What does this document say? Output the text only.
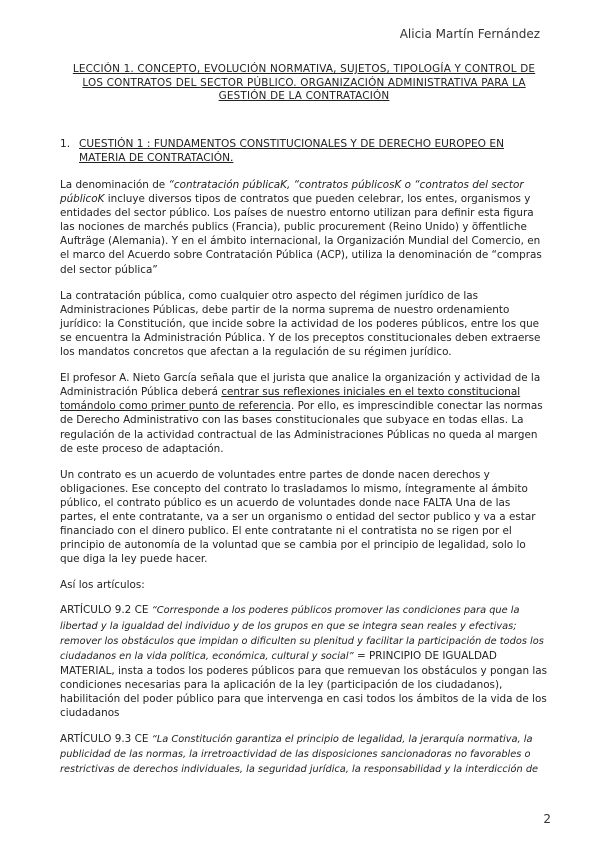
Alicia Martín Fernández
LECCIÓN 1. CONCEPTO, EVOLUCIÓN NORMATIVA, SUJETOS, TIPOLOGÍA Y CONTROL DE LOS CONTRATOS DEL SECTOR PÚBLICO. ORGANIZACIÓN ADMINISTRATIVA PARA LA GESTIÓN DE LA CONTRATACIÓN
1. CUESTIÓN 1 : FUNDAMENTOS CONSTITUCIONALES Y DE DERECHO EUROPEO EN MATERIA DE CONTRATACIÓN.

La denominación de “contratación públicaK, “contratos públicosK o “contratos del sector públicoK incluye diversos tipos de contratos que pueden celebrar, los entes, organismos y entidades del sector público. Los países de nuestro entorno utilizan para definir esta figura las nociones de marchés publics (Francia), public procurement (Reino Unido) y öffentliche Aufträge (Alemania). Y en el ámbito internacional, la Organización Mundial del Comercio, en el marco del Acuerdo sobre Contratación Pública (ACP), utiliza la denominación de “compras del sector pública”

La contratación pública, como cualquier otro aspecto del régimen jurídico de las Administraciones Públicas, debe partir de la norma suprema de nuestro ordenamiento jurídico: la Constitución, que incide sobre la actividad de los poderes públicos, entre los que se encuentra la Administración Pública. Y de los preceptos constitucionales deben extraerse los mandatos concretos que afectan a la regulación de su régimen jurídico.

El profesor A. Nieto García señala que el jurista que analice la organización y actividad de la Administración Pública deberá centrar sus reflexiones iniciales en el texto constitucional tomándolo como primer punto de referencia. Por ello, es imprescindible conectar las normas de Derecho Administrativo con las bases constitucionales que subyace en todas ellas. La regulación de la actividad contractual de las Administraciones Públicas no queda al margen de este proceso de adaptación.

Un contrato es un acuerdo de voluntades entre partes de donde nacen derechos y obligaciones. Ese concepto del contrato lo trasladamos lo mismo, íntegramente al ámbito público, el contrato público es un acuerdo de voluntades donde nace FALTA Una de las partes, el ente contratante, va a ser un organismo o entidad del sector publico y va a estar financiado con el dinero publico. El ente contratante ni el contratista no se rigen por el principio de autonomía de la voluntad que se cambia por el principio de legalidad, solo lo que diga la ley puede hacer.

Así los artículos:

ARTÍCULO 9.2 CE “Corresponde a los poderes públicos promover las condiciones para que la libertad y la igualdad del individuo y de los grupos en que se integra sean reales y efectivas; remover los obstáculos que impidan o dificulten su plenitud y facilitar la participación de todos los ciudadanos en la vida política, económica, cultural y social” = PRINCIPIO DE IGUALDAD MATERIAL, insta a todos los poderes públicos para que remuevan los obstáculos y pongan las condiciones necesarias para la aplicación de la ley (participación de los ciudadanos), habilitación del poder público para que intervenga en casi todos los ámbitos de la vida de los ciudadanos

ARTÍCULO 9.3 CE “La Constitución garantiza el principio de legalidad, la jerarquía normativa, la publicidad de las normas, la irretroactividad de las disposiciones sancionadoras no favorables o restrictivas de derechos individuales, la seguridad jurídica, la responsabilidad y la interdicción de

2
